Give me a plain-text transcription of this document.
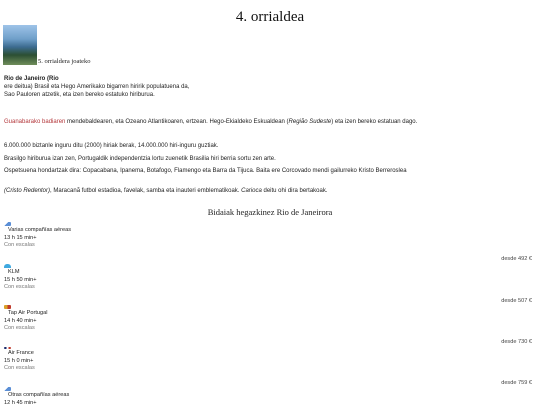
4. orrialdea
5. orrialdera joateko
Rio de Janeiro (Rio
ere deitua) Brasil eta Hego Amerikako bigarren hiririk populatuena da,
Sao Pauloren atzetik, eta izen bereko estatuko hiriburua.
Guanabarako badiaren mendebaldearen, eta Ozeano Atlantikoaren, ertzean. Hego-Ekialdeko Eskualdean (Região Sudeste) eta izen bereko estatuan dago.
6.000.000 biztanle inguru ditu (2000) hiriak berak, 14.000.000 hiri-inguru guztiak.
Brasilgo hiriburua izan zen, Portugaldik independentzia lortu zuenetik Brasilia hiri berria sortu zen arte.
Ospetsuena hondartzak dira: Copacabana, Ipanema, Botafogo, Flamengo eta Barra da Tijuca. Baita ere Corcovado mendi gailurreko Kristo Berreroslea
(Cristo Redentor), Maracanã futbol estadioa, favelak, samba eta inauteri emblematikoak. Carioca deitu ohi dira bertakoak.
Bidaiak hegazkinez Rio de Janeirora
Varias compañías aéreas
13 h 15 min+
Con escalas
desde 492 €
KLM
15 h 50 min+
Con escalas
desde 507 €
Tap Air Portugal
14 h 40 min+
Con escalas
desde 730 €
Air France
15 h 0 min+
Con escalas
desde 759 €
Otras compañías aéreas
12 h 45 min+
